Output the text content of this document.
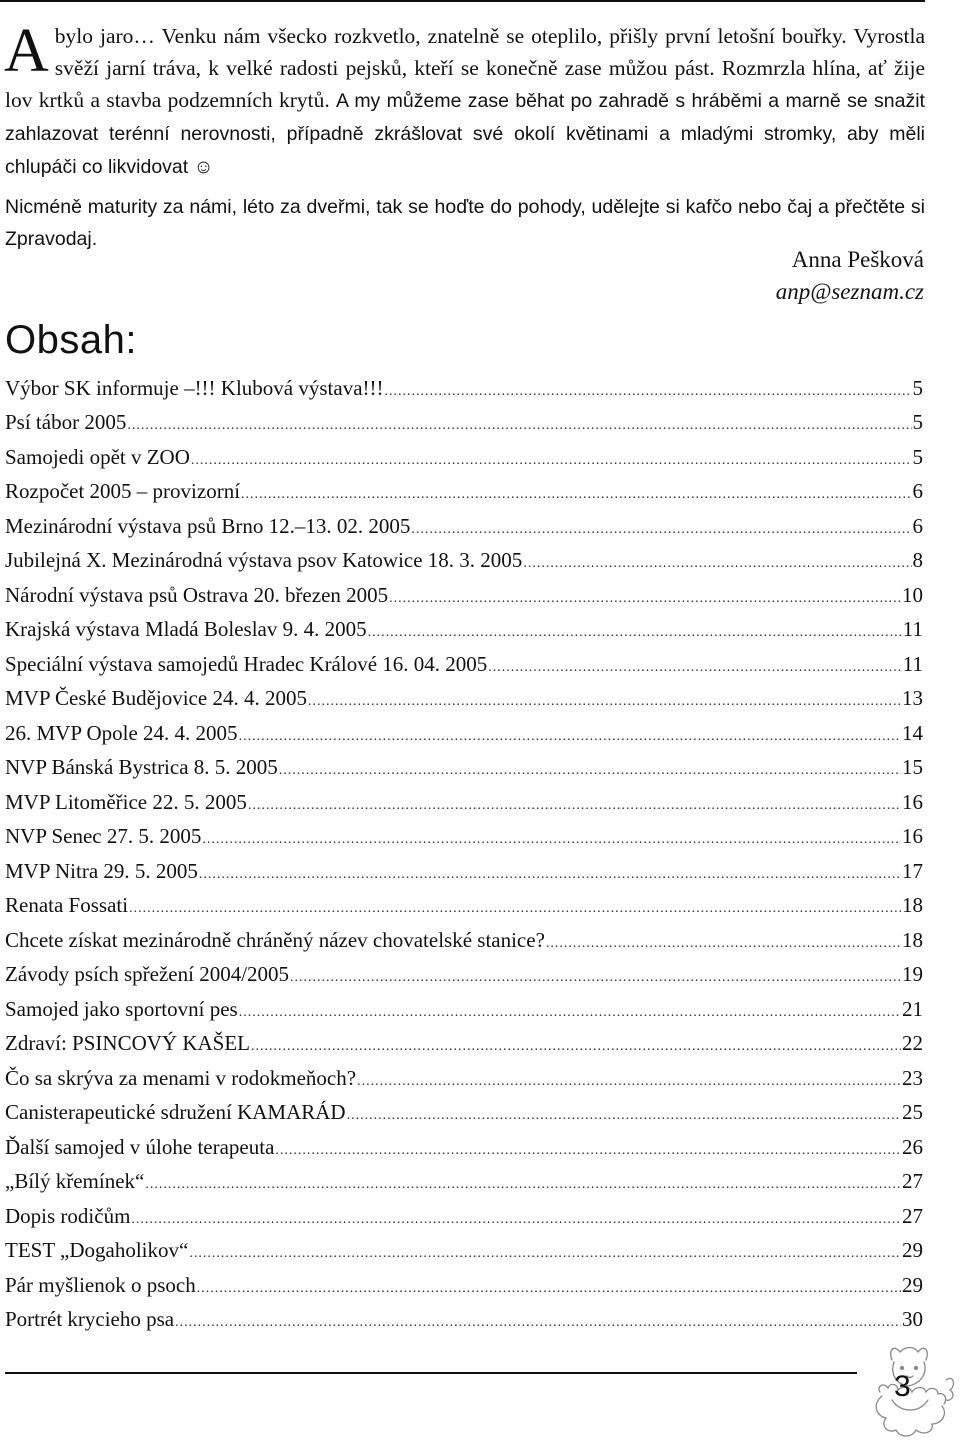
Abylo jaro… Venku nám všecko rozkvetlo, znatelně se oteplilo, přišly první letošní bouřky. Vyrostla svěží jarní tráva, k velké radosti pejsků, kteří se konečně zase můžou pást. Rozmrzla hlína, ať žije lov krtků a stavba podzemních krytů. A my můžeme zase běhat po zahradě s hráběmi a marně se snažit zahlazovat terénní nerovnosti, případně zkrášlovat své okolí květinami a mladými stromky, aby měli chlupáči co likvidovat ☺

Nicméně maturity za námi, léto za dveřmi, tak se hoďte do pohody, udělejte si kafčo nebo čaj a přečtěte si Zpravodaj.

Anna Pešková
anp@seznam.cz
Obsah:
Výbor SK informuje –!!! Klubová výstava!!! .....	5
Psí tábor 2005 .....	5
Samojedi opět v ZOO .....	5
Rozpočet 2005 – provizorní .....	6
Mezinárodní výstava psů Brno 12.–13. 02. 2005 .....	6
Jubilejná X. Mezinárodná výstava psov Katowice 18. 3. 2005 .....	8
Národní výstava psů Ostrava 20. březen 2005 .....	10
Krajská výstava Mladá Boleslav 9. 4. 2005 .....	11
Speciální výstava samojedů Hradec Králové 16. 04. 2005 .....	11
MVP České Budějovice 24. 4. 2005 .....	13
26. MVP Opole 24. 4. 2005 .....	14
NVP Bánská Bystrica 8. 5. 2005 .....	15
MVP Litoměřice 22. 5. 2005 .....	16
NVP Senec 27. 5. 2005 .....	16
MVP Nitra 29. 5. 2005 .....	17
Renata Fossati .....	18
Chcete získat mezinárodně chráněný název chovatelské stanice? .....	18
Závody psích spřežení 2004/2005 .....	19
Samojed jako sportovní pes .....	21
Zdraví: PSINCOVÝ KAŠEL .....	22
Čo sa skrýva za menami v rodokmeňoch? .....	23
Canisterapeutické sdružení KAMARÁD .....	25
Ďalší samojed v úlohe terapeuta .....	26
„Bílý křemínek“ .....	27
Dopis rodičům .....	27
TEST „Dogaholikov“ .....	29
Pár myšlienok o psoch .....	29
Portrét krycieho psa .....	30
3
